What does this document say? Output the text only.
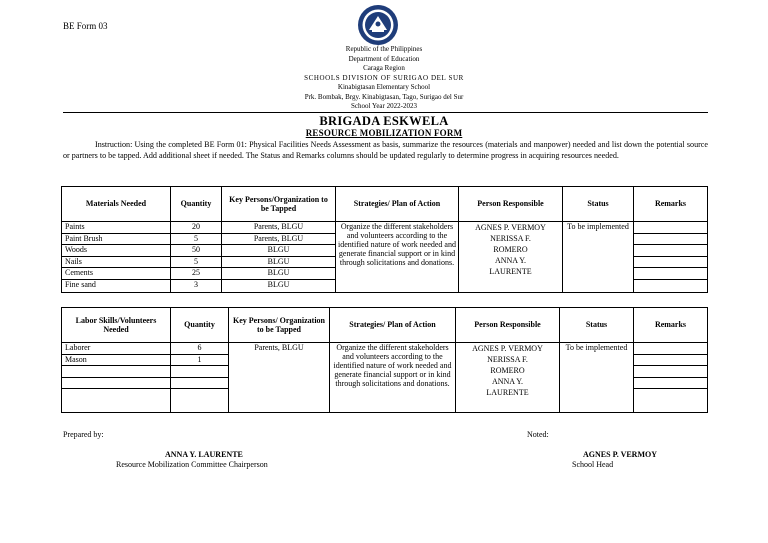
BE Form 03
Republic of the Philippines
Department of Education
Caraga Region
SCHOOLS DIVISION OF SURIGAO DEL SUR
Kinabigtasan Elementary School
Prk. Bombak, Brgy. Kinabigtasan, Tago, Surigao del Sur
School Year 2022-2023
BRIGADA ESKWELA
RESOURCE MOBILIZATION FORM
Instruction: Using the completed BE Form 01: Physical Facilities Needs Assessment as basis, summarize the resources (materials and manpower) needed and list down the potential source or partners to be tapped. Add additional sheet if needed. The Status and Remarks columns should be updated regularly to determine progress in acquiring resources needed.
Materials Needed	Quantity	Key Persons/Organization to be Tapped	Strategies/ Plan of Action	Person Responsible	Status	Remarks
Paints	20	Parents, BLGU	Organize the different stakeholders and volunteers according to the identified nature of work needed and generate financial support or in kind through solicitations and donations.	AGNES P. VERMOY
NERISSA F.
ROMERO
ANNA Y.
LAURENTE	To be implemented	
Paint Brush	5	Parents, BLGU				
Woods	50	BLGU				
Nails	5	BLGU				
Cements	25	BLGU				
Fine sand	3	BLGU				
Labor Skills/Volunteers Needed	Quantity	Key Persons/ Organization to be Tapped	Strategies/ Plan of Action	Person Responsible	Status	Remarks
Laborer	6	Parents, BLGU	Organize the different stakeholders and volunteers according to the identified nature of work needed and generate financial support or in kind through solicitations and donations.	AGNES P. VERMOY
NERISSA F.
ROMERO
ANNA Y.
LAURENTE	To be implemented	
Mason	1					

Prepared by:	Noted:
ANNA Y. LAURENTE
Resource Mobilization Committee Chairperson
AGNES P. VERMOY
School Head
